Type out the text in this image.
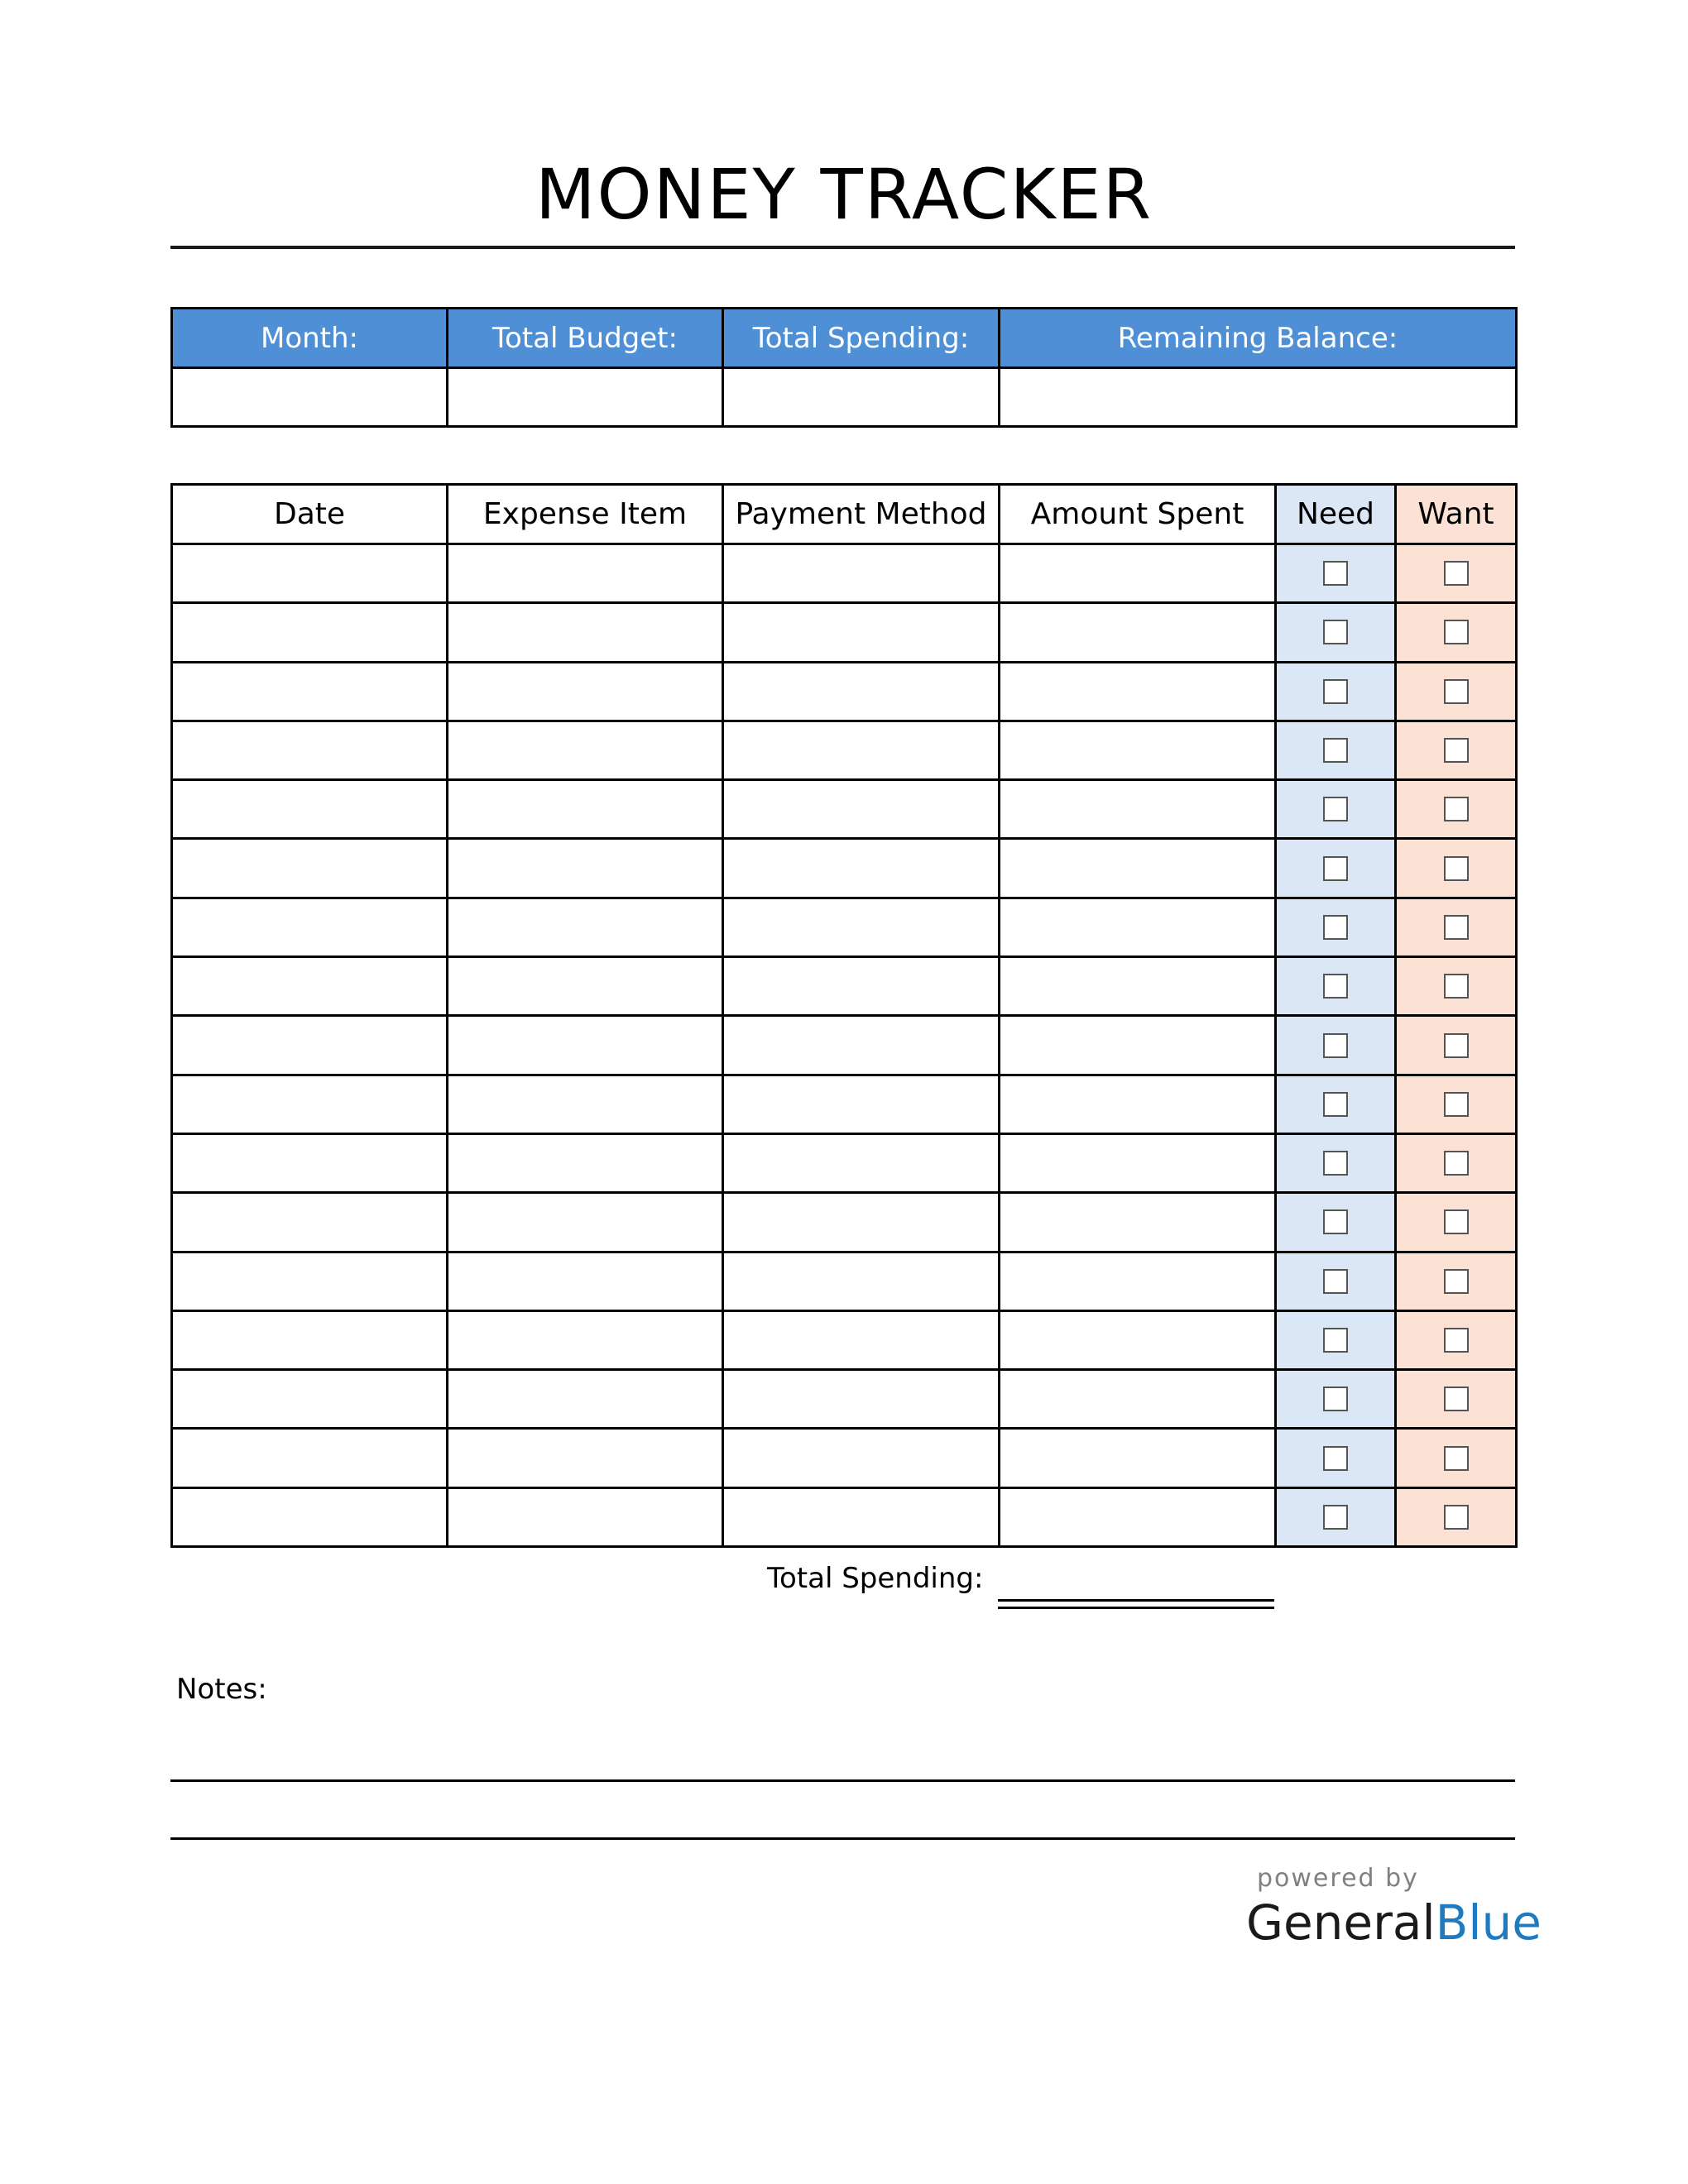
MONEY TRACKER
Month:	Total Budget:	Total Spending:	Remaining Balance:

Date	Expense Item	Payment Method	Amount Spent	Need	Want

Total Spending:
Notes:
powered by
GeneralBlue
